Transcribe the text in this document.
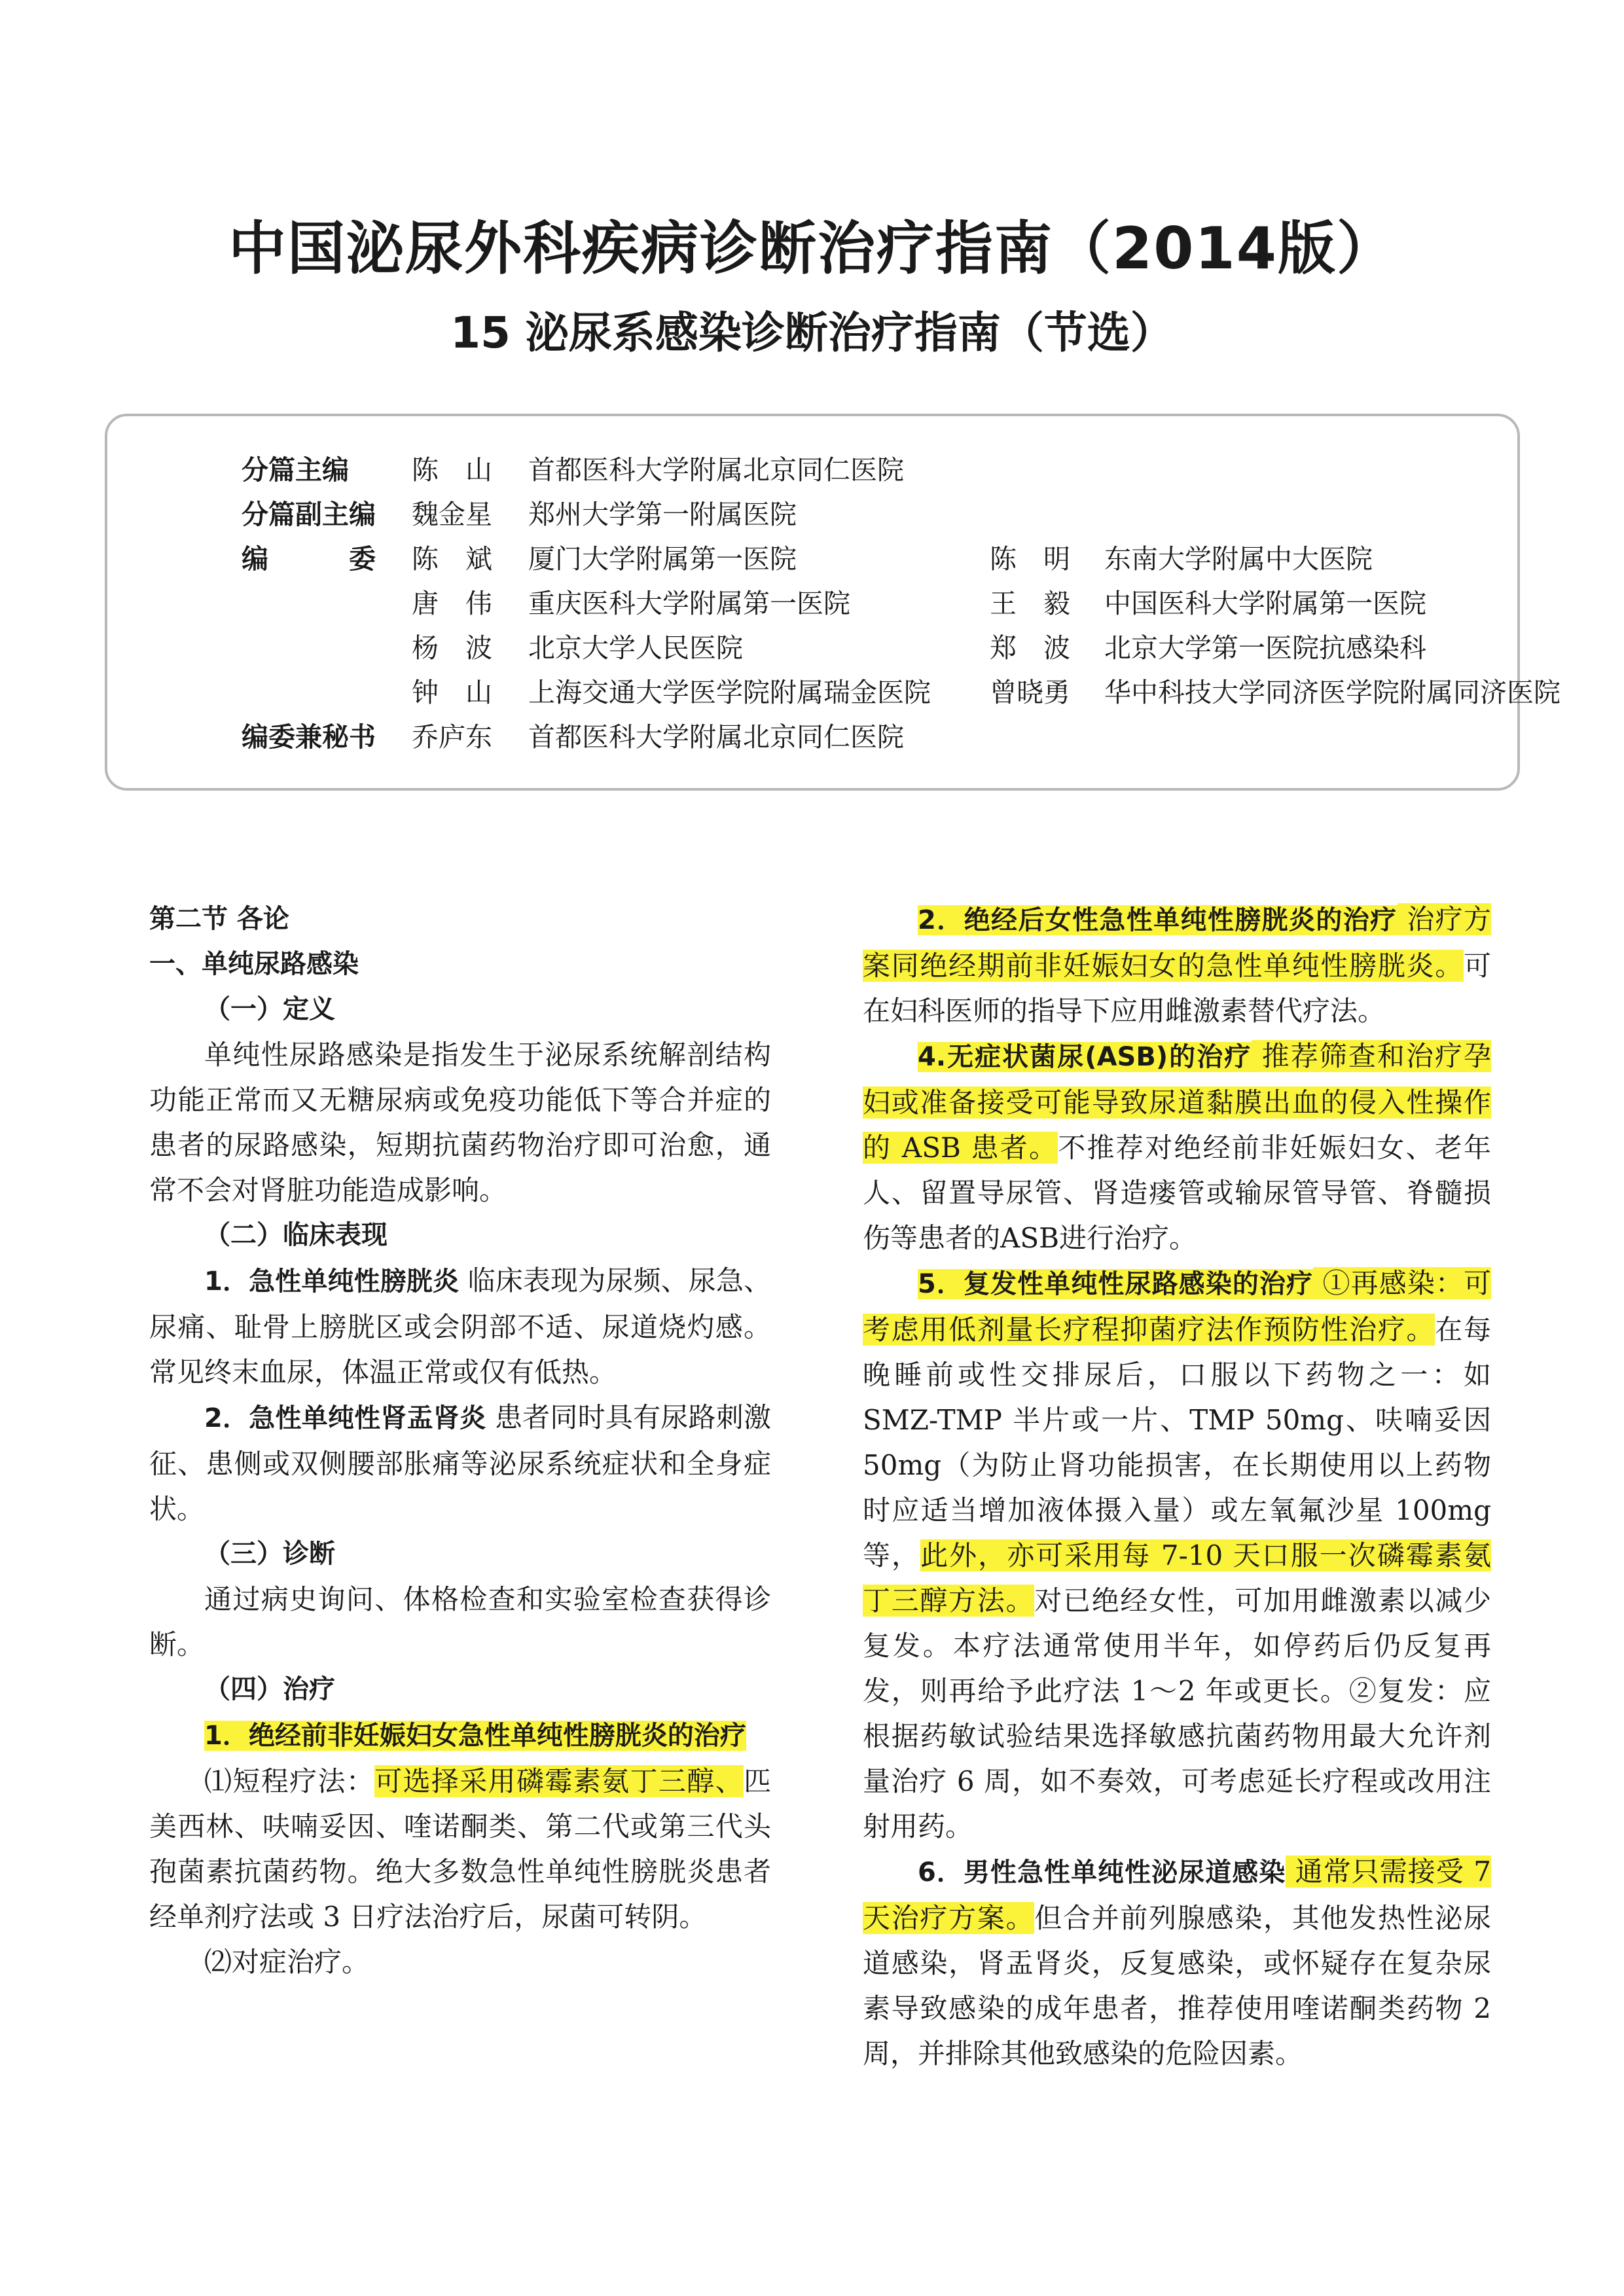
中国泌尿外科疾病诊断治疗指南（2014版）
15 泌尿系感染诊断治疗指南（节选）
分篇主编 陈　山 首都医科大学附属北京同仁医院
分篇副主编 魏金星 郑州大学第一附属医院
编　　　委 陈　斌 厦门大学附属第一医院	陈　明 东南大学附属中大医院
唐　伟 重庆医科大学附属第一医院	王　毅 中国医科大学附属第一医院
杨　波 北京大学人民医院	郑　波 北京大学第一医院抗感染科
钟　山 上海交通大学医学院附属瑞金医院 曾晓勇 华中科技大学同济医学院附属同济医院
编委兼秘书 乔庐东 首都医科大学附属北京同仁医院

第二节 各论

一、单纯尿路感染

（一）定义

单纯性尿路感染是指发生于泌尿系统解剖结构功能正常而又无糖尿病或免疫功能低下等合并症的患者的尿路感染，短期抗菌药物治疗即可治愈，通常不会对肾脏功能造成影响。

（二）临床表现

1．急性单纯性膀胱炎 临床表现为尿频、尿急、尿痛、耻骨上膀胱区或会阴部不适、尿道烧灼感。常见终末血尿，体温正常或仅有低热。

2．急性单纯性肾盂肾炎 患者同时具有尿路刺激征、患侧或双侧腰部胀痛等泌尿系统症状和全身症状。

（三）诊断

通过病史询问、体格检查和实验室检查获得诊断。

（四）治疗

1．绝经前非妊娠妇女急性单纯性膀胱炎的治疗

⑴短程疗法：可选择采用磷霉素氨丁三醇、匹美西林、呋喃妥因、喹诺酮类、第二代或第三代头孢菌素抗菌药物。绝大多数急性单纯性膀胱炎患者经单剂疗法或 3 日疗法治疗后，尿菌可转阴。

⑵对症治疗。

2．绝经后女性急性单纯性膀胱炎的治疗 治疗方案同绝经期前非妊娠妇女的急性单纯性膀胱炎。可在妇科医师的指导下应用雌激素替代疗法。

4.无症状菌尿(ASB)的治疗 推荐筛查和治疗孕妇或准备接受可能导致尿道黏膜出血的侵入性操作的 ASB 患者。不推荐对绝经前非妊娠妇女、老年人、留置导尿管、肾造瘘管或输尿管导管、脊髓损伤等患者的ASB进行治疗。

5．复发性单纯性尿路感染的治疗 ①再感染：可考虑用低剂量长疗程抑菌疗法作预防性治疗。在每晚睡前或性交排尿后，口服以下药物之一：如 SMZ-TMP 半片或一片、TMP 50mg、呋喃妥因 50mg（为防止肾功能损害，在长期使用以上药物时应适当增加液体摄入量）或左氧氟沙星 100mg 等，此外，亦可采用每 7-10 天口服一次磷霉素氨丁三醇方法。对已绝经女性，可加用雌激素以减少复发。本疗法通常使用半年，如停药后仍反复再发，则再给予此疗法 1～2 年或更长。②复发：应根据药敏试验结果选择敏感抗菌药物用最大允许剂量治疗 6 周，如不奏效，可考虑延长疗程或改用注射用药。

6．男性急性单纯性泌尿道感染 通常只需接受 7 天治疗方案。但合并前列腺感染，其他发热性泌尿道感染，肾盂肾炎，反复感染，或怀疑存在复杂尿素导致感染的成年患者，推荐使用喹诺酮类药物 2 周，并排除其他致感染的危险因素。
